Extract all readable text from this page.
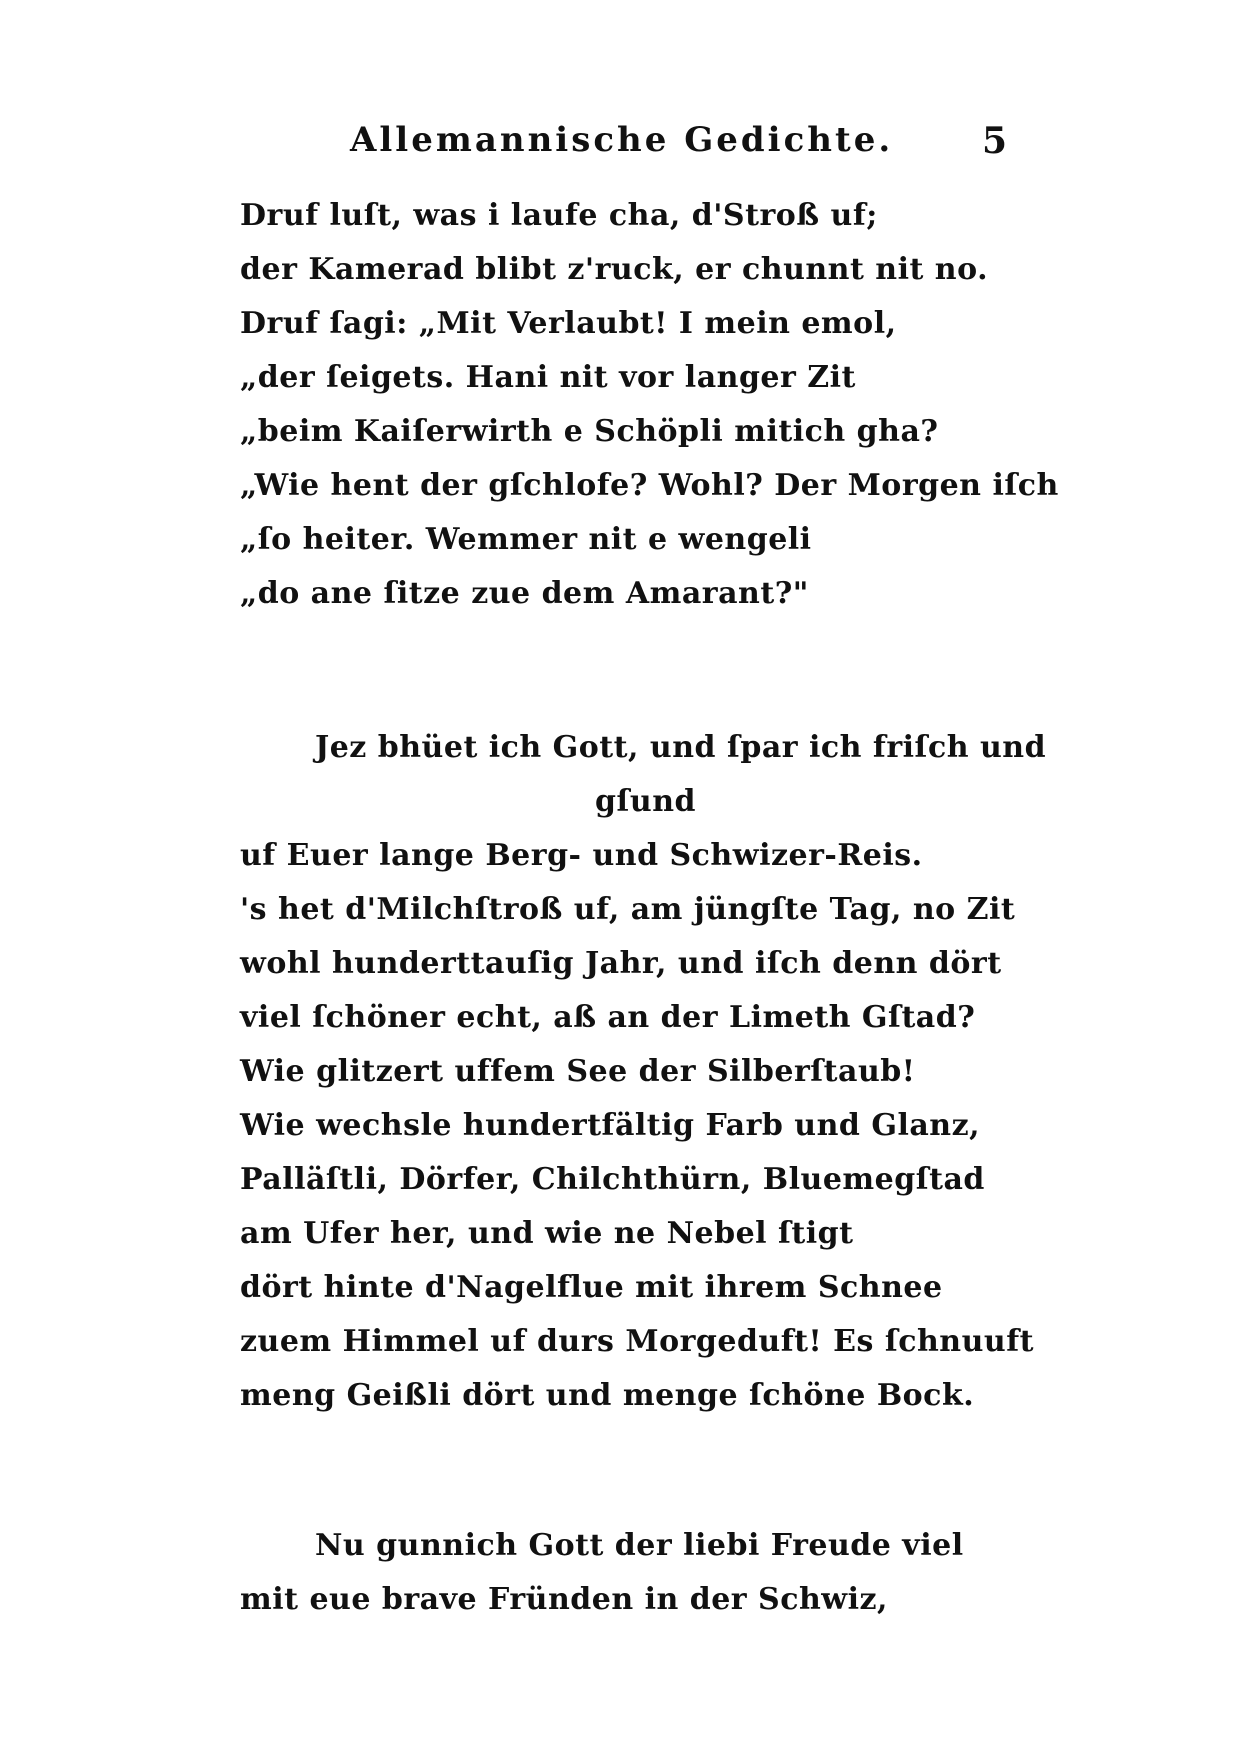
Allemannische Gedichte. 5
Druf luſt, was i laufe cha, d'Stroß uf;
der Kamerad blibt z'ruck, er chunnt nit no.
Druf ſagi: „Mit Verlaubt! I mein emol,
„der ſeigets. Hani nit vor langer Zit
„beim Kaiſerwirth e Schöpli mitich gha?
„Wie hent der gſchlofe? Wohl? Der Morgen iſch
„ſo heiter. Wemmer nit e wengeli
„do ane ſitze zue dem Amarant?"
Jez bhüet ich Gott, und ſpar ich friſch und
gſund
uf Euer lange Berg- und Schwizer-Reis.
's het d'Milchſtroß uf, am jüngſte Tag, no Zit
wohl hunderttauſig Jahr, und iſch denn dört
viel ſchöner echt, aß an der Limeth Gſtad?
Wie glitzert uffem See der Silberſtaub!
Wie wechsle hundertfältig Farb und Glanz,
Palläſtli, Dörfer, Chilchthürn, Bluemegſtad
am Ufer her, und wie ne Nebel ſtigt
dört hinte d'Nagelflue mit ihrem Schnee
zuem Himmel uf durs Morgeduft! Es ſchnuuft
meng Geißli dört und menge ſchöne Bock.
Nu gunnich Gott der liebi Freude viel
mit eue brave Fründen in der Schwiz,
